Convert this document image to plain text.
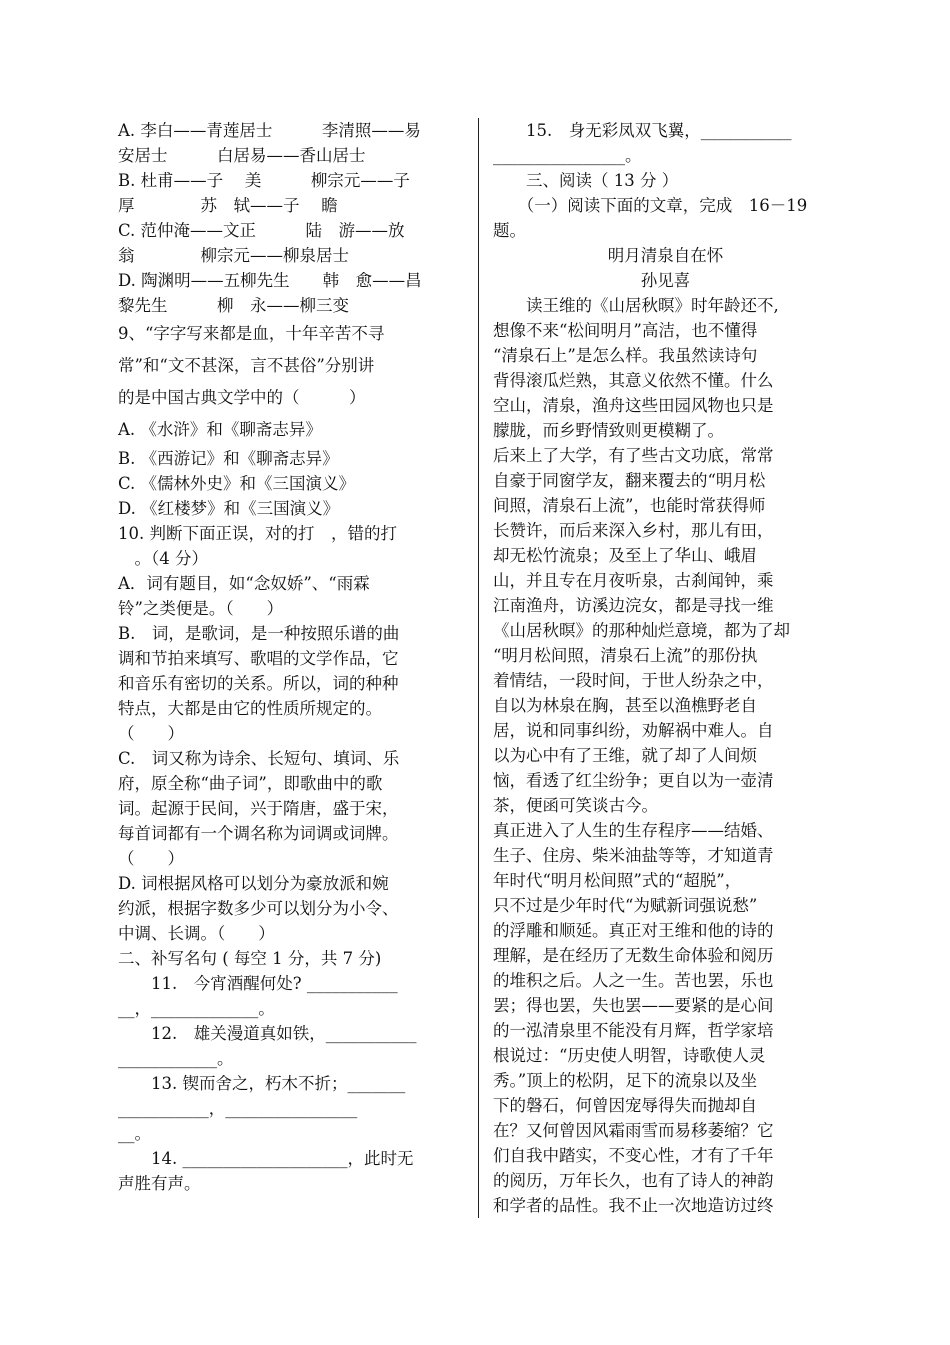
A. 李白——青莲居士　　　李清照——易
安居士　　　白居易——香山居士
B. 杜甫——子　 美　　　柳宗元——子
厚　　　　苏　轼——子　 瞻
C. 范仲淹——文正　　　陆　游——放
翁　　　　柳宗元——柳泉居士
D. 陶渊明——五柳先生　　韩　愈——昌
黎先生　　　柳　永——柳三变
9、“字字写来都是血，十年辛苦不寻
常”和“文不甚深，言不甚俗”分别讲
的是中国古典文学中的（　　　）
A. 《水浒》和《聊斋志异》
B. 《西游记》和《聊斋志异》
C. 《儒林外史》和《三国演义》
D. 《红楼梦》和《三国演义》
10. 判断下面正误，对的打　，错的打
　。（4 分）
A．词有题目，如“念奴娇”、“雨霖
铃”之类便是。（　　）
B.　词，是歌词，是一种按照乐谱的曲
调和节拍来填写、歌唱的文学作品，它
和音乐有密切的关系。所以，词的种种
特点，大都是由它的性质所规定的。
（　　）
C.　词又称为诗余、长短句、填词、乐
府，原全称“曲子词”，即歌曲中的歌
词。起源于民间，兴于隋唐，盛于宋，
每首词都有一个调名称为词调或词牌。
（　　）
D. 词根据风格可以划分为豪放派和婉
约派，根据字数多少可以划分为小令、
中调、长调。（　　）
二、补写名句 ( 每空 1 分，共 7 分)
　　11.　今宵酒醒何处? ___________
__，_____________。
　　12.　雄关漫道真如铁，___________
____________。
　　13. 锲而舍之，朽木不折；_______
___________，________________
__。
　　14. ____________________，此时无
声胜有声。
　　15.　身无彩凤双飞翼，___________
________________。
　　三、阅读（ 13 分 ）
　　（一）阅读下面的文章，完成　16－19
题。
明月清泉自在怀
孙见喜
　　读王维的《山居秋暝》时年龄还不,
想像不来“松间明月”高洁，也不懂得
“清泉石上”是怎么样。我虽然读诗句
背得滚瓜烂熟，其意义依然不懂。什么
空山，清泉，渔舟这些田园风物也只是
朦胧，而乡野情致则更模糊了。
后来上了大学，有了些古文功底，常常
自豪于同窗学友，翻来覆去的“明月松
间照，清泉石上流”，也能时常获得师
长赞许，而后来深入乡村，那儿有田，
却无松竹流泉；及至上了华山、峨眉
山，并且专在月夜听泉，古刹闻钟，乘
江南渔舟，访溪边浣女，都是寻找一维
《山居秋暝》的那种灿烂意境，都为了却
“明月松间照，清泉石上流”的那份执
着情结，一段时间，于世人纷杂之中，
自以为林泉在胸，甚至以渔樵野老自
居，说和同事纠纷，劝解祸中难人。自
以为心中有了王维，就了却了人间烦
恼，看透了红尘纷争；更自以为一壶清
茶，便函可笑谈古今。
真正进入了人生的生存程序——结婚、
生子、住房、柴米油盐等等，才知道青
年时代“明月松间照”式的“超脱”，
只不过是少年时代“为赋新词强说愁”
的浮雕和顺延。真正对王维和他的诗的
理解，是在经历了无数生命体验和阅历
的堆积之后。人之一生。苦也罢，乐也
罢；得也罢，失也罢——要紧的是心间
的一泓清泉里不能没有月辉，哲学家培
根说过：“历史使人明智，诗歌使人灵
秀。”顶上的松阴，足下的流泉以及坐
下的磐石，何曾因宠辱得失而抛却自
在？又何曾因风霜雨雪而易移萎缩？它
们自我中踏实，不变心性，才有了千年
的阅历，万年长久，也有了诗人的神韵
和学者的品性。我不止一次地造访过终
